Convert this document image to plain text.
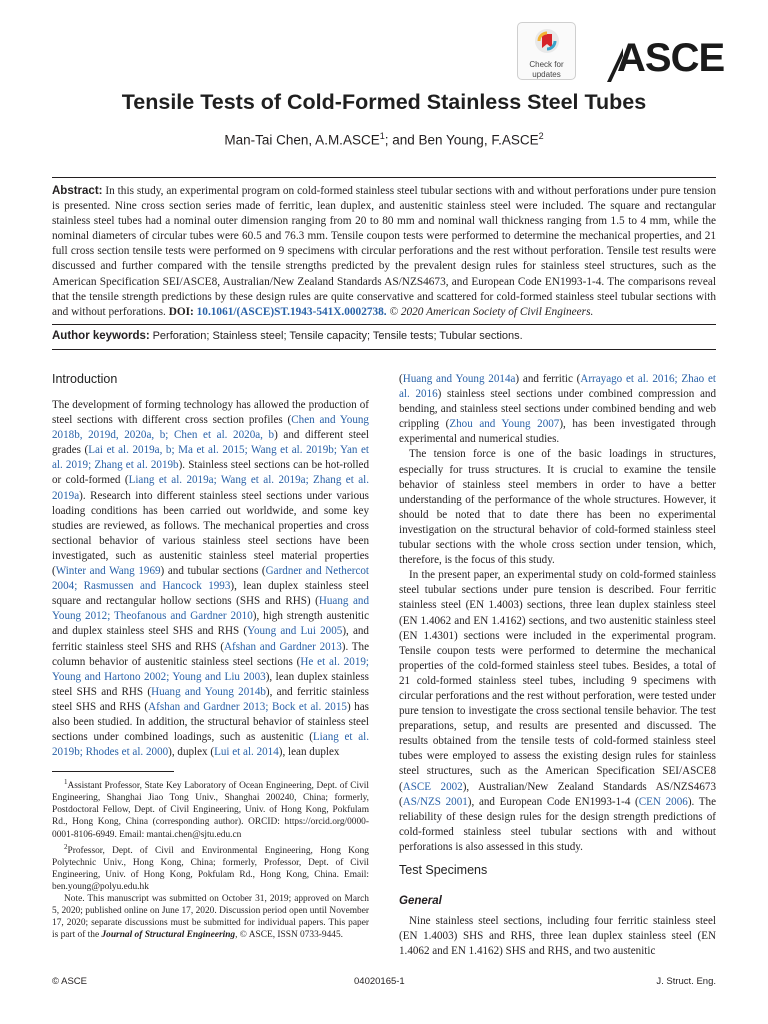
Check for
updates	ASCE
Tensile Tests of Cold-Formed Stainless Steel Tubes
Man-Tai Chen, A.M.ASCE$^1$; and Ben Young, F.ASCE$^2$
Abstract: In this study, an experimental program on cold-formed stainless steel tubular sections with and without perforations under pure tension is presented. Nine cross section series made of ferritic, lean duplex, and austenitic stainless steel were included. The square and rectangular stainless steel tubes had a nominal outer dimension ranging from 20 to 80 mm and nominal wall thickness ranging from 1.5 to 4 mm, while the nominal diameters of circular tubes were 60.5 and 76.3 mm. Tensile coupon tests were performed to determine the mechanical properties, and 21 full cross section tensile tests were performed on 9 specimens with circular perforations and the rest without perforation. Tensile test results were discussed and further compared with the tensile strengths predicted by the prevalent design rules for stainless steel structures, such as the American Specification SEI/ASCE8, Australian/New Zealand Standards AS/NZS4673, and European Code EN1993-1-4. The comparisons reveal that the tensile strength predictions by these design rules are quite conservative and scattered for cold-formed stainless steel tubular sections with and without perforations. DOI: 10.1061/(ASCE)ST.1943-541X.0002738. © 2020 American Society of Civil Engineers.
Author keywords: Perforation; Stainless steel; Tensile capacity; Tensile tests; Tubular sections.
Introduction

The development of forming technology has allowed the production of steel sections with different cross section profiles (Chen and Young 2018b, 2019d, 2020a, b; Chen et al. 2020a, b) and different steel grades (Lai et al. 2019a, b; Ma et al. 2015; Wang et al. 2019b; Yan et al. 2019; Zhang et al. 2019b). Stainless steel sections can be hot-rolled or cold-formed (Liang et al. 2019a; Wang et al. 2019a; Zhang et al. 2019a). Research into different stainless steel sections under various loading conditions has been carried out worldwide, and some key studies are reviewed, as follows. The mechanical properties and cross sectional behavior of various stainless steel sections have been investigated, such as austenitic stainless steel material properties (Winter and Wang 1969) and tubular sections (Gardner and Nethercot 2004; Rasmussen and Hancock 1993), lean duplex stainless steel square and rectangular hollow sections (SHS and RHS) (Huang and Young 2012; Theofanous and Gardner 2010), high strength austenitic and duplex stainless steel SHS and RHS (Young and Lui 2005), and ferritic stainless steel SHS and RHS (Afshan and Gardner 2013). The column behavior of austenitic stainless steel sections (He et al. 2019; Young and Hartono 2002; Young and Liu 2003), lean duplex stainless steel SHS and RHS (Huang and Young 2014b), and ferritic stainless steel SHS and RHS (Afshan and Gardner 2013; Bock et al. 2015) has also been studied. In addition, the structural behavior of stainless steel sections under combined loadings, such as austenitic (Liang et al. 2019b; Rhodes et al. 2000), duplex (Lui et al. 2014), lean duplex

$^1$Assistant Professor, State Key Laboratory of Ocean Engineering, Dept. of Civil Engineering, Shanghai Jiao Tong Univ., Shanghai 200240, China; formerly, Postdoctoral Fellow, Dept. of Civil Engineering, Univ. of Hong Kong, Pokfulam Rd., Hong Kong, China (corresponding author). ORCID: https://orcid.org/0000-0001-8106-6949. Email: mantai.chen@sjtu.edu.cn

$^2$Professor, Dept. of Civil and Environmental Engineering, Hong Kong Polytechnic Univ., Hong Kong, China; formerly, Professor, Dept. of Civil Engineering, Univ. of Hong Kong, Pokfulam Rd., Hong Kong, China. Email: ben.young@polyu.edu.hk

Note. This manuscript was submitted on October 31, 2019; approved on March 5, 2020; published online on June 17, 2020. Discussion period open until November 17, 2020; separate discussions must be submitted for individual papers. This paper is part of the Journal of Structural Engineering, © ASCE, ISSN 0733-9445.

(Huang and Young 2014a) and ferritic (Arrayago et al. 2016; Zhao et al. 2016) stainless steel sections under combined compression and bending, and stainless steel sections under combined bending and web crippling (Zhou and Young 2007), has been investigated through experimental and numerical studies.

The tension force is one of the basic loadings in structures, especially for truss structures. It is crucial to examine the tensile behavior of stainless steel members in order to have a better understanding of the performance of the whole structures. However, it should be noted that to date there has been no experimental investigation on the structural behavior of cold-formed stainless steel tubular sections with the whole cross section under tension, which, therefore, is the focus of this study.

In the present paper, an experimental study on cold-formed stainless steel tubular sections under pure tension is described. Four ferritic stainless steel (EN 1.4003) sections, three lean duplex stainless steel (EN 1.4062 and EN 1.4162) sections, and two austenitic stainless steel (EN 1.4301) sections were included in the experimental program. Tensile coupon tests were performed to determine the mechanical properties of the cold-formed stainless steel tubes. Besides, a total of 21 cold-formed stainless steel tubes, including 9 specimens with circular perforations and the rest without perforation, were tested under pure tension to investigate the cross sectional tensile behavior. The test preparations, setup, and results are presented and discussed. The results obtained from the tensile tests of cold-formed stainless steel tubes were employed to assess the existing design rules for stainless steel structures, such as the American Specification SEI/ASCE8 (ASCE 2002), Australian/New Zealand Standards AS/NZS4673 (AS/NZS 2001), and European Code EN1993-1-4 (CEN 2006). The reliability of these design rules for the design strength predictions of cold-formed stainless steel tubular sections with and without perforations is also assessed in this study.

Test Specimens
General

Nine stainless steel sections, including four ferritic stainless steel (EN 1.4003) SHS and RHS, three lean duplex stainless steel (EN 1.4062 and EN 1.4162) SHS and RHS, and two austenitic

© ASCE	04020165-1	J. Struct. Eng.
